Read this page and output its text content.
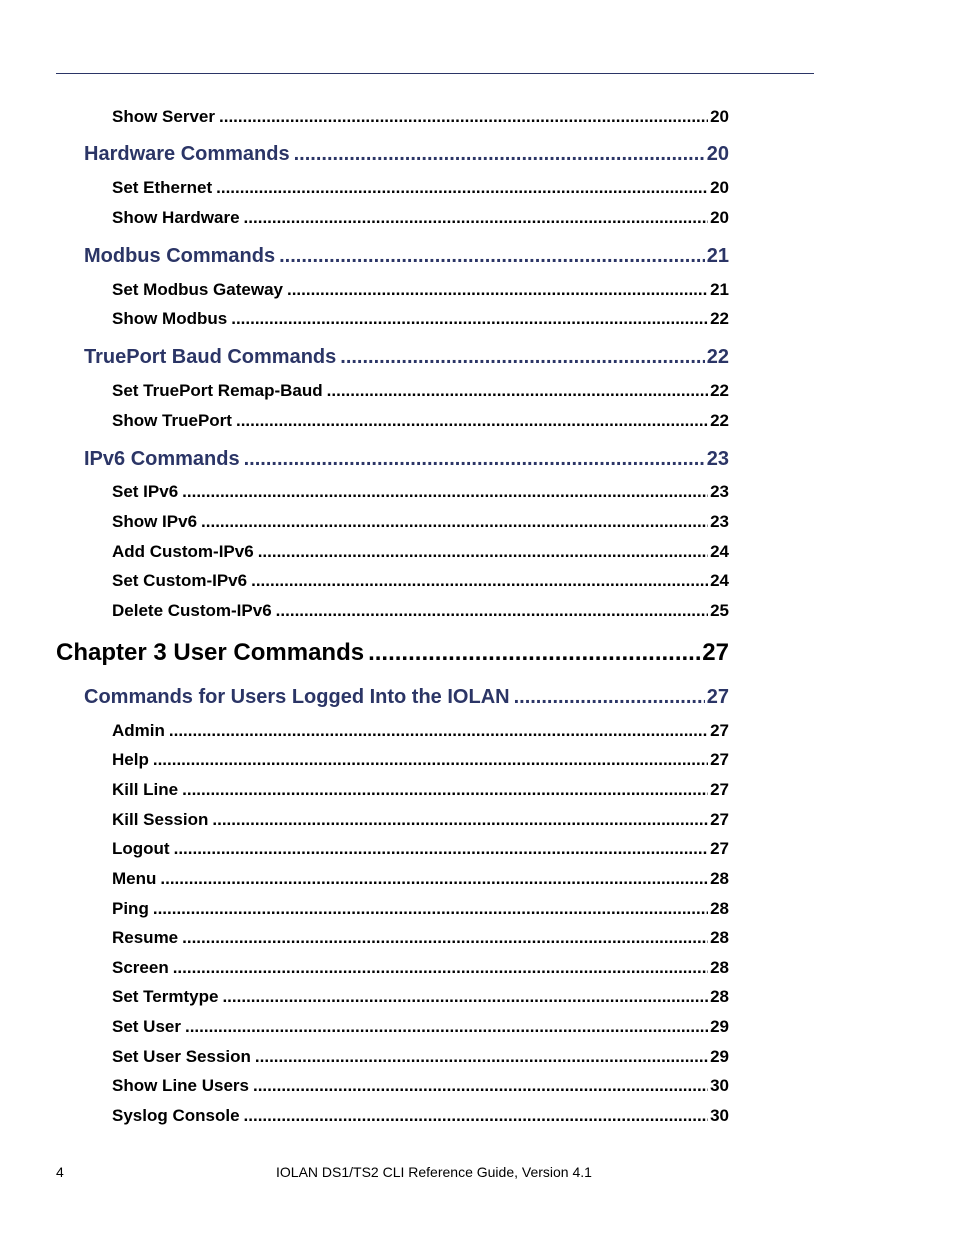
Show Server .....	20
Hardware Commands .....	20
Set Ethernet .....	20
Show Hardware .....	20
Modbus Commands .....	21
Set Modbus Gateway .....	21
Show Modbus .....	22
TruePort Baud Commands .....	22
Set TruePort Remap-Baud .....	22
Show TruePort .....	22
IPv6 Commands .....	23
Set IPv6 .....	23
Show IPv6 .....	23
Add Custom-IPv6 .....	24
Set Custom-IPv6 .....	24
Delete Custom-IPv6 .....	25
Chapter 3 User Commands .....	27
Commands for Users Logged Into the IOLAN .....	27
Admin .....	27
Help .....	27
Kill Line .....	27
Kill Session .....	27
Logout .....	27
Menu .....	28
Ping .....	28
Resume .....	28
Screen .....	28
Set Termtype .....	28
Set User .....	29
Set User Session .....	29
Show Line Users .....	30
Syslog Console .....	30
4	IOLAN DS1/TS2 CLI Reference Guide, Version 4.1
